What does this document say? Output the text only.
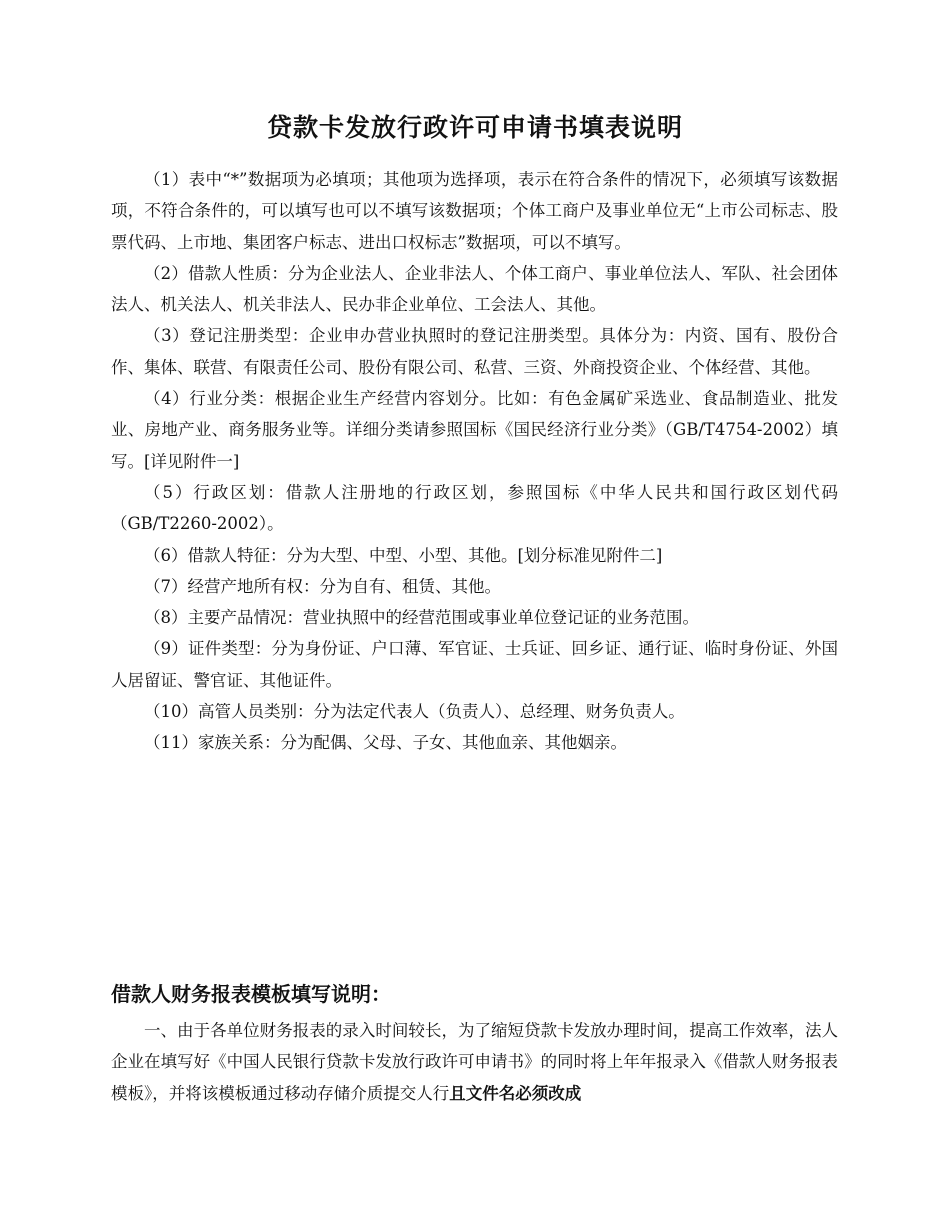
贷款卡发放行政许可申请书填表说明

（1）表中“*”数据项为必填项；其他项为选择项，表示在符合条件的情况下，必须填写该数据项，不符合条件的，可以填写也可以不填写该数据项；个体工商户及事业单位无“上市公司标志、股票代码、上市地、集团客户标志、进出口权标志”数据项，可以不填写。

（2）借款人性质：分为企业法人、企业非法人、个体工商户、事业单位法人、军队、社会团体法人、机关法人、机关非法人、民办非企业单位、工会法人、其他。

（3）登记注册类型：企业申办营业执照时的登记注册类型。具体分为：内资、国有、股份合作、集体、联营、有限责任公司、股份有限公司、私营、三资、外商投资企业、个体经营、其他。

（4）行业分类：根据企业生产经营内容划分。比如：有色金属矿采选业、食品制造业、批发业、房地产业、商务服务业等。详细分类请参照国标《国民经济行业分类》（GB/T4754-2002）填写。[详见附件一]

（5）行政区划：借款人注册地的行政区划，参照国标《中华人民共和国行政区划代码（GB/T2260-2002）。

（6）借款人特征：分为大型、中型、小型、其他。[划分标准见附件二]

（7）经营产地所有权：分为自有、租赁、其他。

（8）主要产品情况：营业执照中的经营范围或事业单位登记证的业务范围。

（9）证件类型：分为身份证、户口薄、军官证、士兵证、回乡证、通行证、临时身份证、外国人居留证、警官证、其他证件。

（10）高管人员类别：分为法定代表人（负责人）、总经理、财务负责人。

（11）家族关系：分为配偶、父母、子女、其他血亲、其他姻亲。

借款人财务报表模板填写说明：

一、由于各单位财务报表的录入时间较长，为了缩短贷款卡发放办理时间，提高工作效率，法人企业在填写好《中国人民银行贷款卡发放行政许可申请书》的同时将上年年报录入《借款人财务报表模板》，并将该模板通过移动存储介质提交人行且文件名必须改成
